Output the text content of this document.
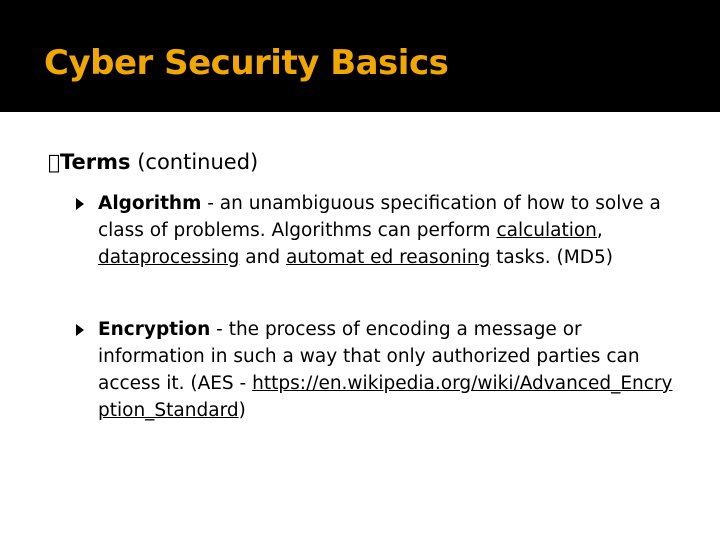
Cyber Security Basics
Terms (continued)
Algorithm - an unambiguous specification of how to solve a class of problems. Algorithms can perform calculation, dataprocessing and automat ed reasoning tasks. (MD5)
Encryption - the process of encoding a message or information in such a way that only authorized parties can access it. (AES - https://en.wikipedia.org/wiki/Advanced_Encryption_Standard)
